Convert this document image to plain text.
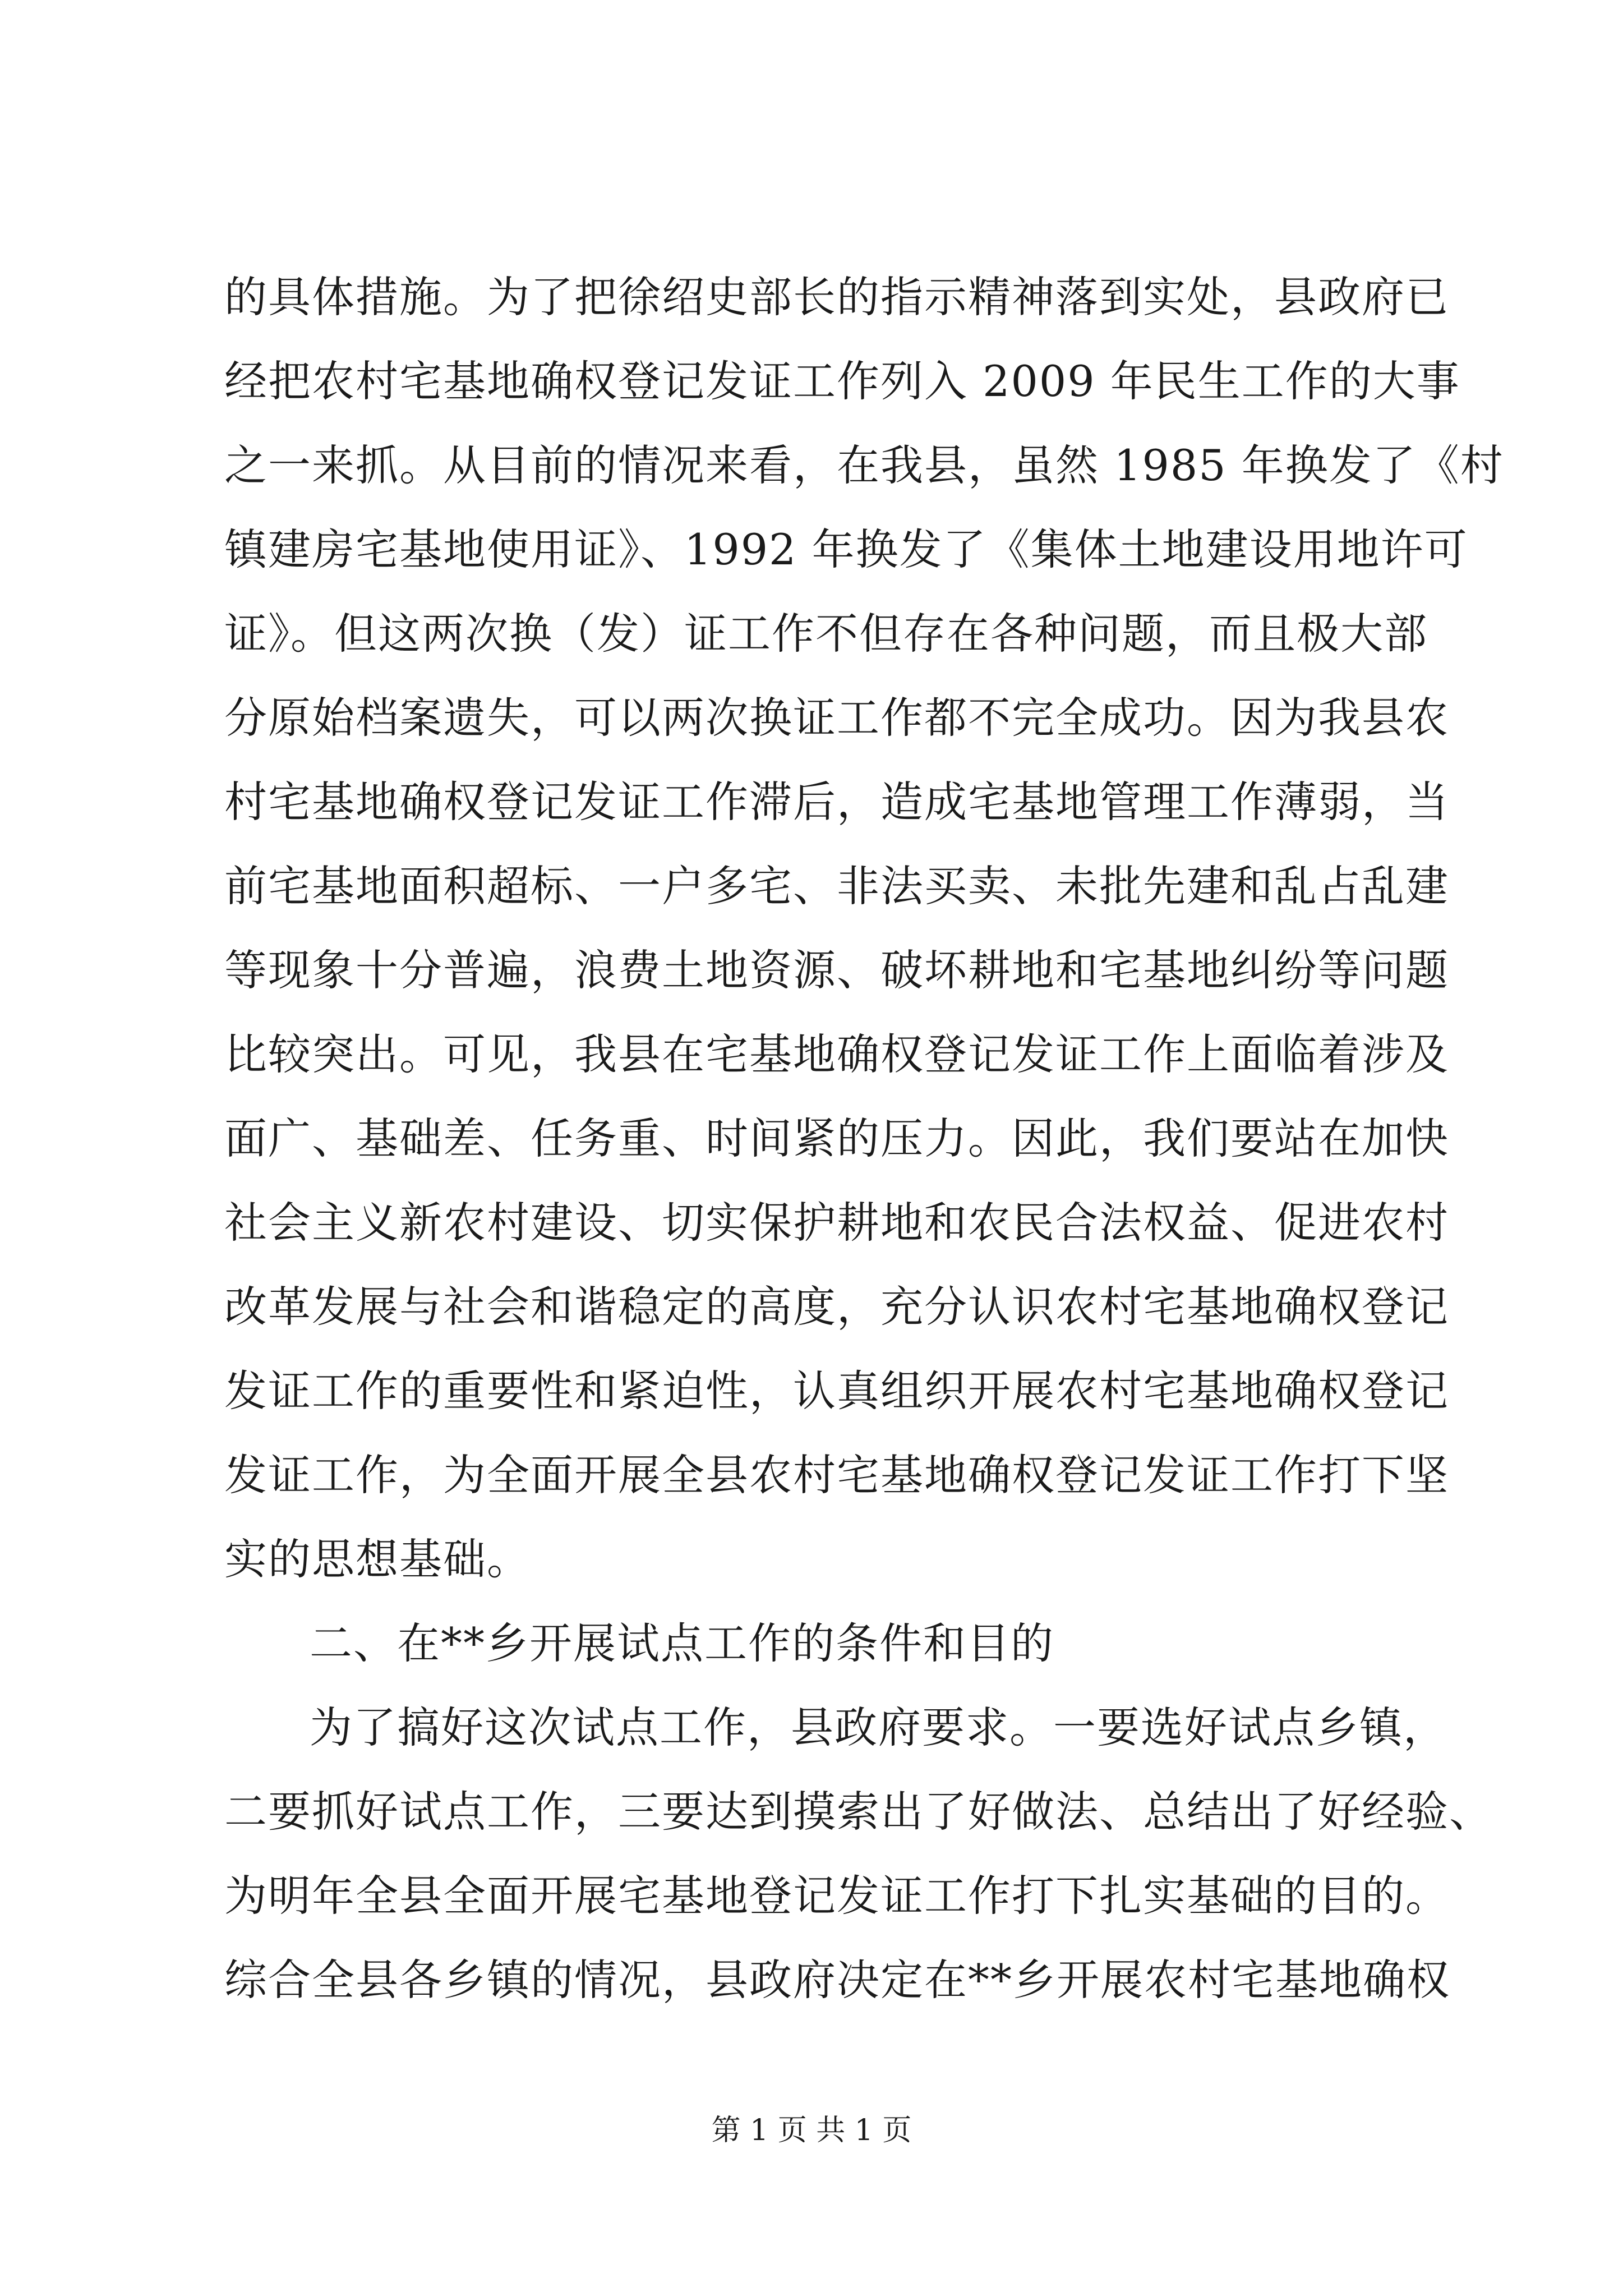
的具体措施。为了把徐绍史部长的指示精神落到实处，县政府已
经把农村宅基地确权登记发证工作列入 2009 年民生工作的大事
之一来抓。从目前的情况来看，在我县，虽然 1985 年换发了《村
镇建房宅基地使用证》、1992 年换发了《集体土地建设用地许可
证》。但这两次换（发）证工作不但存在各种问题，而且极大部
分原始档案遗失，可以两次换证工作都不完全成功。因为我县农
村宅基地确权登记发证工作滞后，造成宅基地管理工作薄弱，当
前宅基地面积超标、一户多宅、非法买卖、未批先建和乱占乱建
等现象十分普遍，浪费土地资源、破坏耕地和宅基地纠纷等问题
比较突出。可见，我县在宅基地确权登记发证工作上面临着涉及
面广、基础差、任务重、时间紧的压力。因此，我们要站在加快
社会主义新农村建设、切实保护耕地和农民合法权益、促进农村
改革发展与社会和谐稳定的高度，充分认识农村宅基地确权登记
发证工作的重要性和紧迫性，认真组织开展农村宅基地确权登记
发证工作，为全面开展全县农村宅基地确权登记发证工作打下坚
实的思想基础。
二、在**乡开展试点工作的条件和目的
为了搞好这次试点工作，县政府要求。一要选好试点乡镇，
二要抓好试点工作，三要达到摸索出了好做法、总结出了好经验、
为明年全县全面开展宅基地登记发证工作打下扎实基础的目的。
综合全县各乡镇的情况，县政府决定在**乡开展农村宅基地确权
第 1 页 共 1 页
